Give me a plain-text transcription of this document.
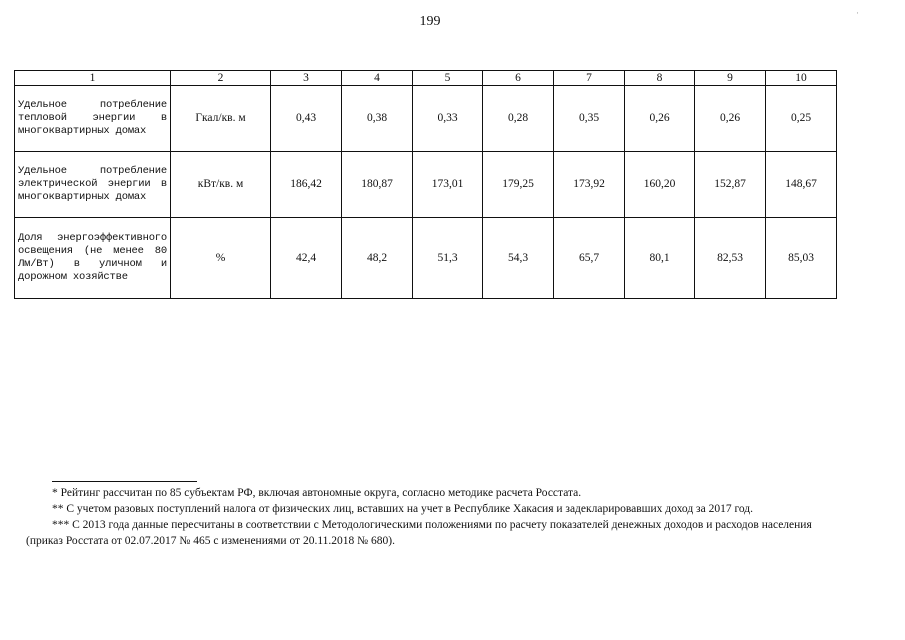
199
·
1	2	3	4	5	6	7	8	9	10
Удельное потребление тепловой энергии в многоквартирных домах	Гкал/кв. м	0,43	0,38	0,33	0,28	0,35	0,26	0,26	0,25
Удельное потребление электрической энергии в многоквартирных домах	кВт/кв. м	186,42	180,87	173,01	179,25	173,92	160,20	152,87	148,67
Доля энергоэффективного освещения (не менее 80 Лм/Вт) в уличном и дорожном хозяйстве	%	42,4	48,2	51,3	54,3	65,7	80,1	82,53	85,03

* Рейтинг рассчитан по 85 субъектам РФ, включая автономные округа, согласно методике расчета Росстата.

** С учетом разовых поступлений налога от физических лиц, вставших на учет в Республике Хакасия и задекларировавших доход за 2017 год.

*** С 2013 года данные пересчитаны в соответствии с Методологическими положениями по расчету показателей денежных доходов и расходов населения (приказ Росстата от 02.07.2017 № 465 с изменениями от 20.11.2018 № 680).
